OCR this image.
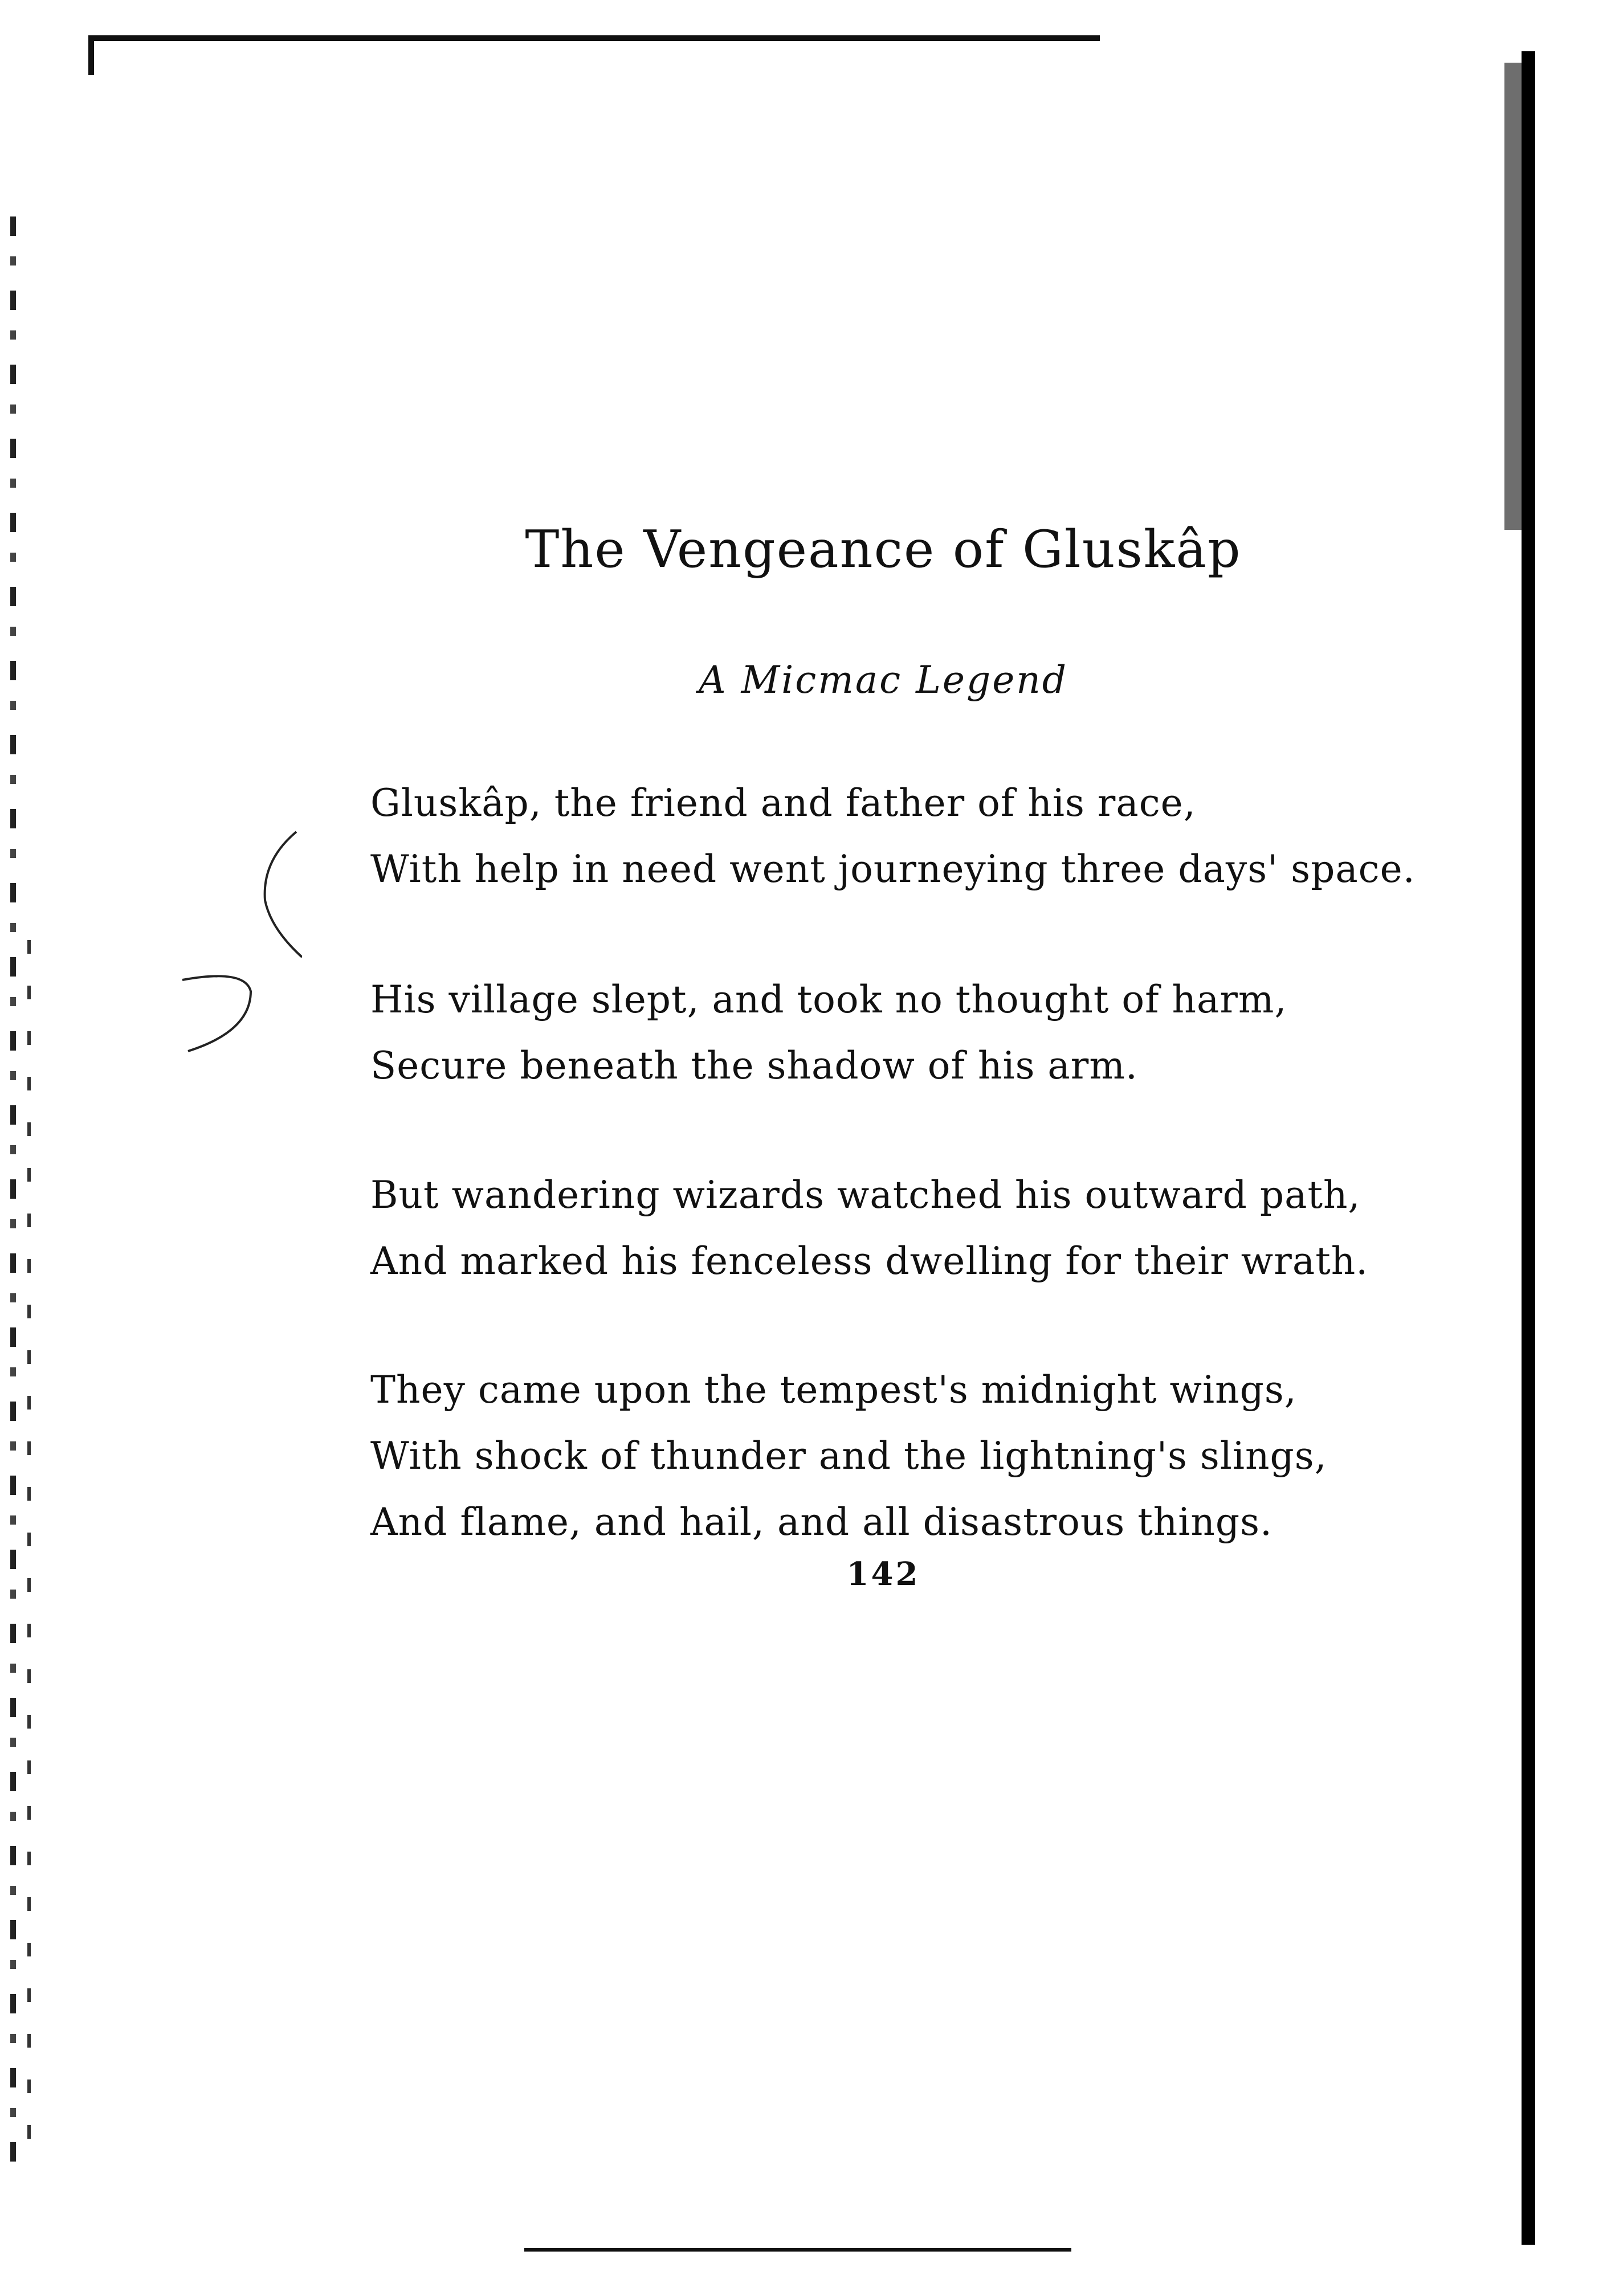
The Vengeance of Gluskâp
A Micmac Legend
Gluskâp, the friend and father of his race,
With help in need went journeying three days' space.
His village slept, and took no thought of harm,
Secure beneath the shadow of his arm.
But wandering wizards watched his outward path,
And marked his fenceless dwelling for their wrath.
They came upon the tempest's midnight wings,
With shock of thunder and the lightning's slings,
And flame, and hail, and all disastrous things.
142
